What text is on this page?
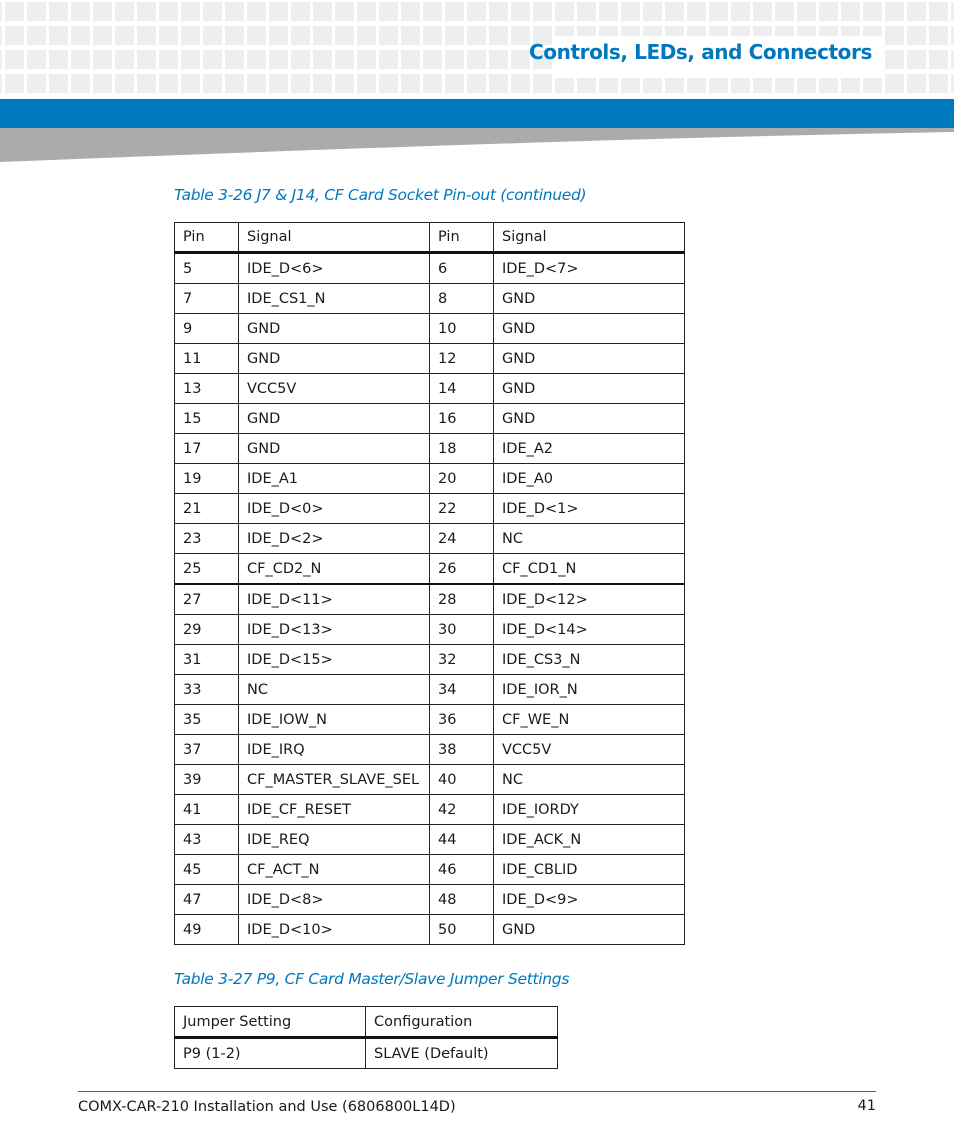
Controls, LEDs, and Connectors
Table 3-26 J7 & J14, CF Card Socket Pin-out (continued)
Pin	Signal	Pin	Signal
5	IDE_D<6>	6	IDE_D<7>
7	IDE_CS1_N	8	GND
9	GND	10	GND
11	GND	12	GND
13	VCC5V	14	GND
15	GND	16	GND
17	GND	18	IDE_A2
19	IDE_A1	20	IDE_A0
21	IDE_D<0>	22	IDE_D<1>
23	IDE_D<2>	24	NC
25	CF_CD2_N	26	CF_CD1_N
27	IDE_D<11>	28	IDE_D<12>
29	IDE_D<13>	30	IDE_D<14>
31	IDE_D<15>	32	IDE_CS3_N
33	NC	34	IDE_IOR_N
35	IDE_IOW_N	36	CF_WE_N
37	IDE_IRQ	38	VCC5V
39	CF_MASTER_SLAVE_SEL	40	NC
41	IDE_CF_RESET	42	IDE_IORDY
43	IDE_REQ	44	IDE_ACK_N
45	CF_ACT_N	46	IDE_CBLID
47	IDE_D<8>	48	IDE_D<9>
49	IDE_D<10>	50	GND
Table 3-27 P9, CF Card Master/Slave Jumper Settings
Jumper Setting	Configuration
P9 (1-2)	SLAVE (Default)
COMX-CAR-210 Installation and Use (6806800L14D)	41
